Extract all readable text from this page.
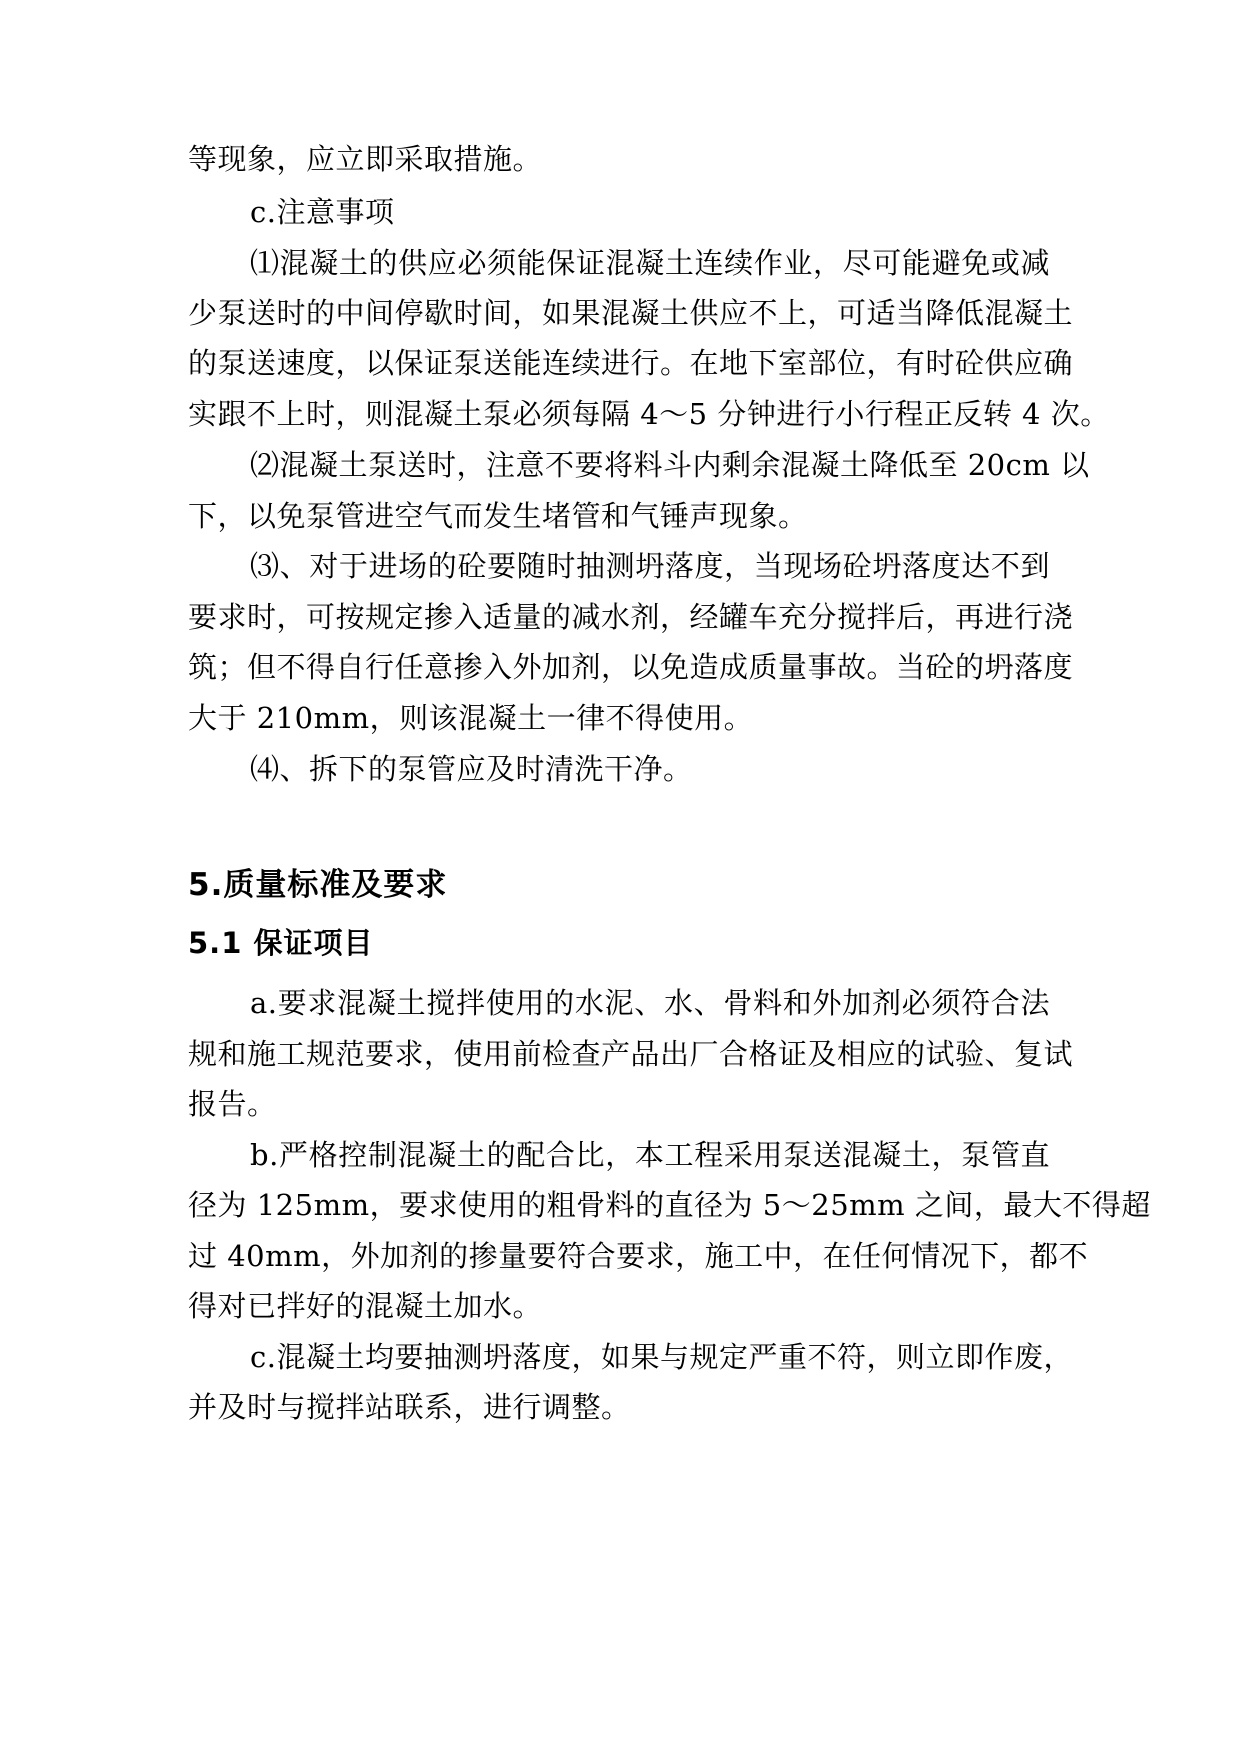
等现象，应立即采取措施。

c.注意事项

⑴混凝土的供应必须能保证混凝土连续作业，尽可能避免或减

少泵送时的中间停歇时间，如果混凝土供应不上，可适当降低混凝土

的泵送速度，以保证泵送能连续进行。在地下室部位，有时砼供应确

实跟不上时，则混凝土泵必须每隔 4～5 分钟进行小行程正反转 4 次。

⑵混凝土泵送时，注意不要将料斗内剩余混凝土降低至 20cm 以

下，以免泵管进空气而发生堵管和气锤声现象。

⑶、对于进场的砼要随时抽测坍落度，当现场砼坍落度达不到

要求时，可按规定掺入适量的减水剂，经罐车充分搅拌后，再进行浇

筑；但不得自行任意掺入外加剂，以免造成质量事故。当砼的坍落度

大于 210mm，则该混凝土一律不得使用。

⑷、拆下的泵管应及时清洗干净。

5.质量标准及要求
5.1 保证项目

a.要求混凝土搅拌使用的水泥、水、骨料和外加剂必须符合法

规和施工规范要求，使用前检查产品出厂合格证及相应的试验、复试

报告。

b.严格控制混凝土的配合比，本工程采用泵送混凝土，泵管直

径为 125mm，要求使用的粗骨料的直径为 5～25mm 之间，最大不得超

过 40mm，外加剂的掺量要符合要求，施工中，在任何情况下，都不

得对已拌好的混凝土加水。

c.混凝土均要抽测坍落度，如果与规定严重不符，则立即作废，

并及时与搅拌站联系，进行调整。
